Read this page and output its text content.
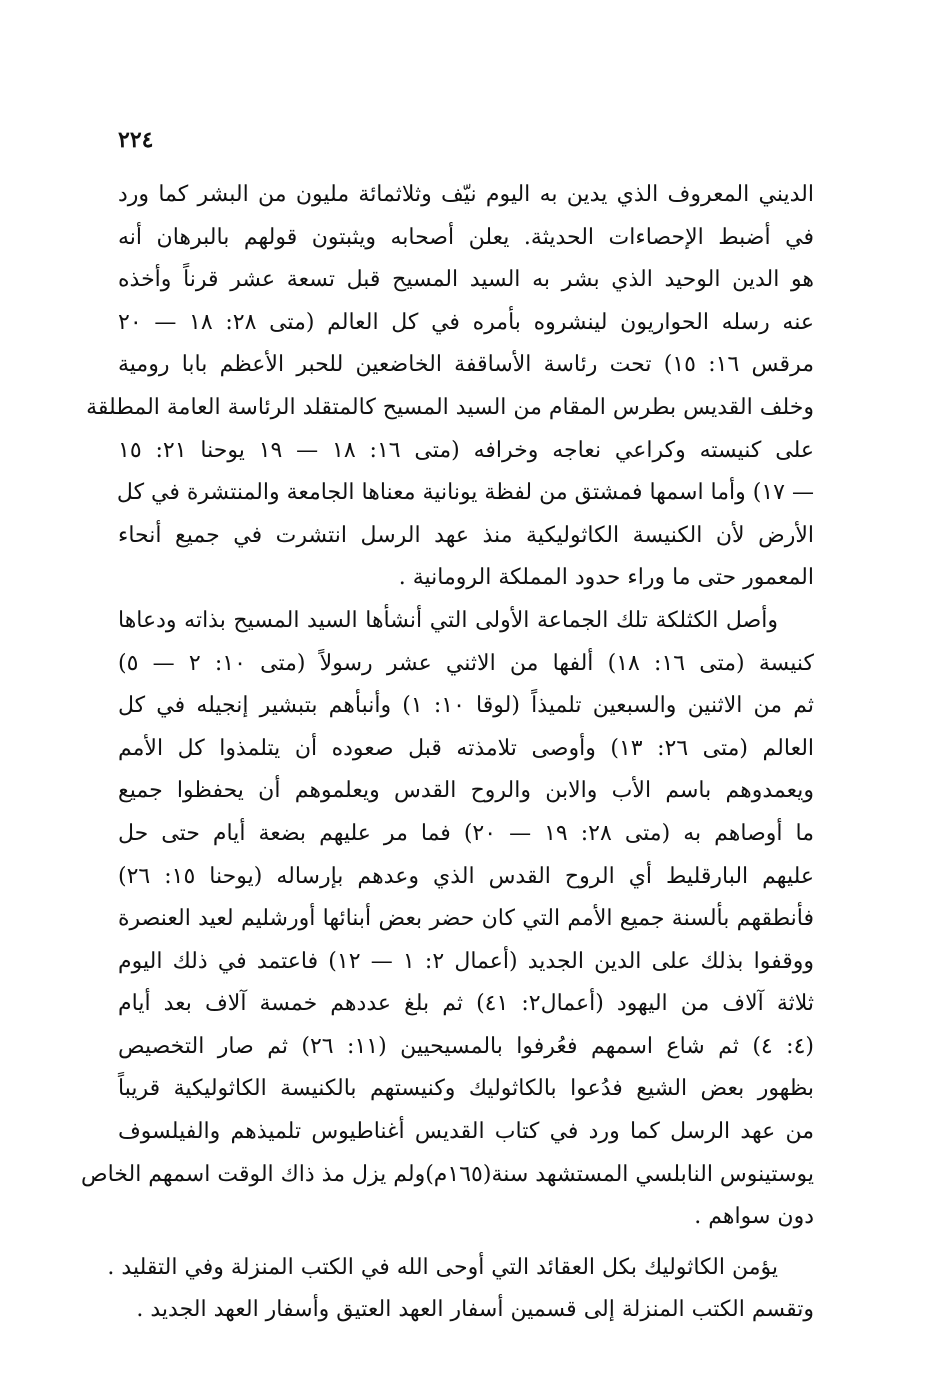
٢٢٤
الديني المعروف الذي يدين به اليوم نيّف وثلاثمائة مليون من البشر كما ورد
في أضبط الإحصاءات الحديثة. يعلن أصحابه ويثبتون قولهم بالبرهان أنه
هو الدين الوحيد الذي بشر به السيد المسيح قبل تسعة عشر قرناً وأخذه
عنه رسله الحواريون لينشروه بأمره في كل العالم (متى ٢٨: ١٨ — ٢٠
مرقس ١٦: ١٥) تحت رئاسة الأساقفة الخاضعين للحبر الأعظم بابا رومية
وخلف القديس بطرس المقام من السيد المسيح كالمتقلد الرئاسة العامة المطلقة
على كنيسته وكراعي نعاجه وخرافه (متى ١٦: ١٨ — ١٩ يوحنا ٢١: ١٥
— ١٧) وأما اسمها فمشتق من لفظة يونانية معناها الجامعة والمنتشرة في كل
الأرض لأن الكنيسة الكاثوليكية منذ عهد الرسل انتشرت في جميع أنحاء
المعمور حتى ما وراء حدود المملكة الرومانية .
وأصل الكثلكة تلك الجماعة الأولى التي أنشأها السيد المسيح بذاته ودعاها
كنيسة (متى ١٦: ١٨) ألفها من الاثني عشر رسولاً (متى ١٠: ٢ — ٥)
ثم من الاثنين والسبعين تلميذاً (لوقا ١٠: ١) وأنبأهم بتبشير إنجيله في كل
العالم (متى ٢٦: ١٣) وأوصى تلامذته قبل صعوده أن يتلمذوا كل الأمم
ويعمدوهم باسم الأب والابن والروح القدس ويعلموهم أن يحفظوا جميع
ما أوصاهم به (متى ٢٨: ١٩ — ٢٠) فما مر عليهم بضعة أيام حتى حل
عليهم البارقليط أي الروح القدس الذي وعدهم بإرساله (يوحنا ١٥: ٢٦)
فأنطقهم بألسنة جميع الأمم التي كان حضر بعض أبنائها أورشليم لعيد العنصرة
ووقفوا بذلك على الدين الجديد (أعمال ٢: ١ — ١٢) فاعتمد في ذلك اليوم
ثلاثة آلاف من اليهود (أعمال٢: ٤١) ثم بلغ عددهم خمسة آلاف بعد أيام
(٤: ٤) ثم شاع اسمهم فعُرفوا بالمسيحيين (١١: ٢٦) ثم صار التخصيص
بظهور بعض الشيع فدُعوا بالكاثوليك وكنيستهم بالكنيسة الكاثوليكية قريباً
من عهد الرسل كما ورد في كتاب القديس أغناطيوس تلميذهم والفيلسوف
يوستينوس النابلسي المستشهد سنة(١٦٥م)ولم يزل مذ ذاك الوقت اسمهم الخاص
دون سواهم .
يؤمن الكاثوليك بكل العقائد التي أوحى الله في الكتب المنزلة وفي التقليد .
وتقسم الكتب المنزلة إلى قسمين أسفار العهد العتيق وأسفار العهد الجديد .
